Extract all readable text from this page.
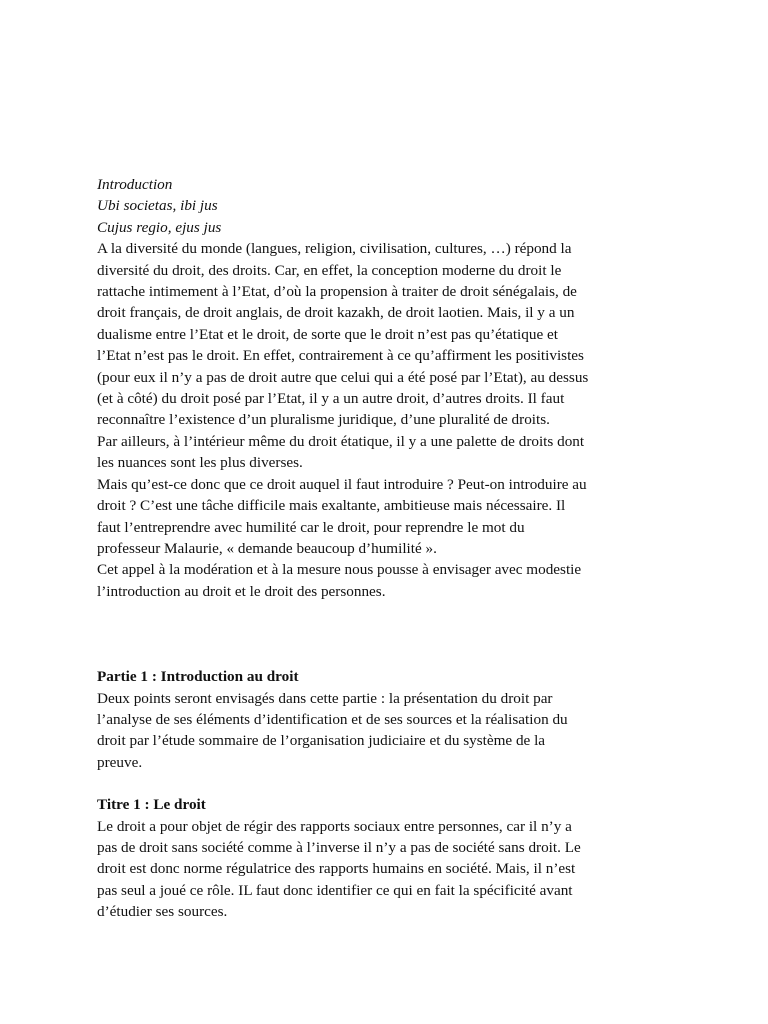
Introduction
Ubi societas, ibi jus
Cujus regio, ejus jus
A la diversité du monde (langues, religion, civilisation, cultures, …) répond la
diversité du droit, des droits. Car, en effet, la conception moderne du droit le
rattache intimement à l’Etat, d’où la propension à traiter de droit sénégalais, de
droit français, de droit anglais, de droit kazakh, de droit laotien. Mais, il y a un
dualisme entre l’Etat et le droit, de sorte que le droit n’est pas qu’étatique et
l’Etat n’est pas le droit. En effet, contrairement à ce qu’affirment les positivistes
(pour eux il n’y a pas de droit autre que celui qui a été posé par l’Etat), au dessus
(et à côté) du droit posé par l’Etat, il y a un autre droit, d’autres droits. Il faut
reconnaître l’existence d’un pluralisme juridique, d’une pluralité de droits.
Par ailleurs, à l’intérieur même du droit étatique, il y a une palette de droits dont
les nuances sont les plus diverses.
Mais qu’est-ce donc que ce droit auquel il faut introduire ? Peut-on introduire au
droit ? C’est une tâche difficile mais exaltante, ambitieuse mais nécessaire. Il
faut l’entreprendre avec humilité car le droit, pour reprendre le mot du
professeur Malaurie, « demande beaucoup d’humilité ».
Cet appel à la modération et à la mesure nous pousse à envisager avec modestie
l’introduction au droit et le droit des personnes.
Partie 1 : Introduction au droit
Deux points seront envisagés dans cette partie : la présentation du droit par
l’analyse de ses éléments d’identification et de ses sources et la réalisation du
droit par l’étude sommaire de l’organisation judiciaire et du système de la
preuve.
Titre 1 : Le droit
Le droit a pour objet de régir des rapports sociaux entre personnes, car il n’y a
pas de droit sans société comme à l’inverse il n’y a pas de société sans droit. Le
droit est donc norme régulatrice des rapports humains en société. Mais, il n’est
pas seul a joué ce rôle. IL faut donc identifier ce qui en fait la spécificité avant
d’étudier ses sources.
